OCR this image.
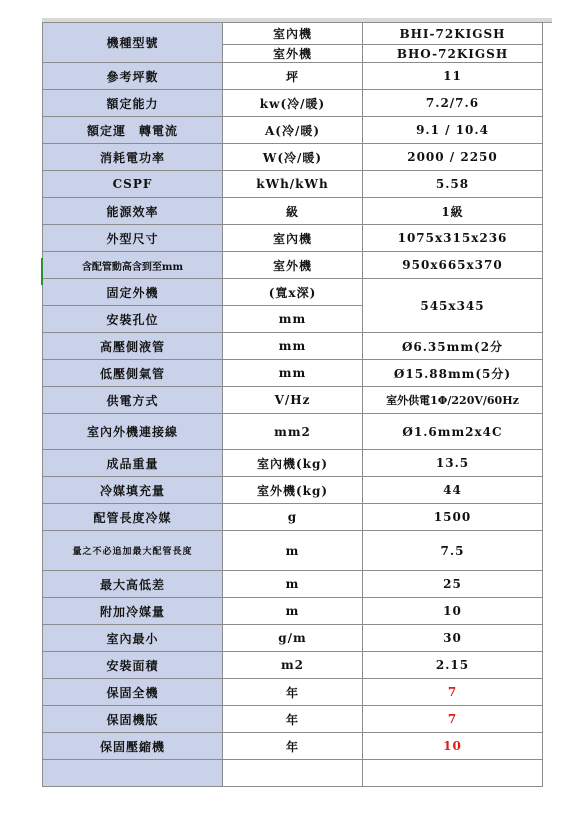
機種型號	室內機	BHI-72KIGSH
	室外機	BHO-72KIGSH
參考坪數	坪	11
額定能力	kw(冷/暖)	7.2/7.6
額定運　轉電流	A(冷/暖)	9.1 / 10.4
消耗電功率	W(冷/暖)	2000 / 2250
CSPF	kWh/kWh	5.58
能源效率	級	1級
外型尺寸	室內機	1075x315x236
含配管動高含到至mm	室外機	950x665x370
固定外機	(寬x深)	545x345
安裝孔位	mm	
高壓側液管	mm	Ø6.35mm(2分
低壓側氣管	mm	Ø15.88mm(5分)
供電方式	V/Hz	室外供電1Φ/220V/60Hz
室內外機連接線	mm2	Ø1.6mm2x4C
成品重量	室內機(kg)	13.5
冷媒填充量	室外機(kg)	44
配管長度冷媒	g	1500
量之不必追加最大配管長度	m	7.5
最大高低差	m	25
附加冷媒量	m	10
室內最小	g/m	30
安裝面積	m2	2.15
保固全機	年	7
保固機版	年	7
保固壓縮機	年	10
